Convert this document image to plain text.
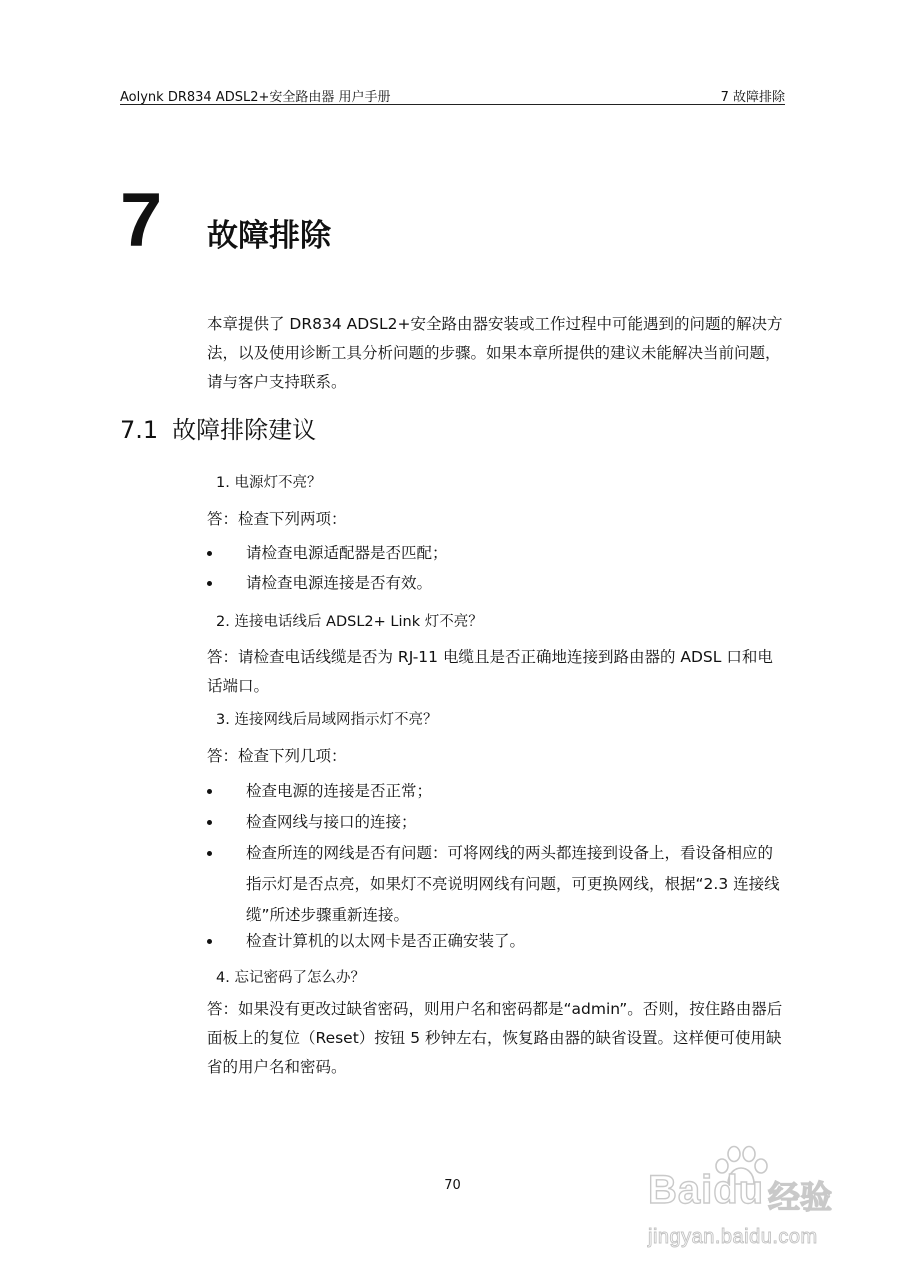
Aolynk DR834 ADSL2+安全路由器 用户手册	7 故障排除
7 故障排除

本章提供了 DR834 ADSL2+安全路由器安装或工作过程中可能遇到的问题的解决方法，以及使用诊断工具分析问题的步骤。如果本章所提供的建议未能解决当前问题，请与客户支持联系。

7.1 故障排除建议
1. 电源灯不亮？

答：检查下列两项：

请检查电源适配器是否匹配；
请检查电源连接是否有效。
2. 连接电话线后 ADSL2+ Link 灯不亮？

答：请检查电话线缆是否为 RJ-11 电缆且是否正确地连接到路由器的 ADSL 口和电话端口。

3. 连接网线后局域网指示灯不亮？

答：检查下列几项：

检查电源的连接是否正常；
检查网线与接口的连接；
检查所连的网线是否有问题：可将网线的两头都连接到设备上，看设备相应的指示灯是否点亮，如果灯不亮说明网线有问题，可更换网线，根据“2.3 连接线缆”所述步骤重新连接。
检查计算机的以太网卡是否正确安装了。
4. 忘记密码了怎么办？

答：如果没有更改过缺省密码，则用户名和密码都是“admin”。否则，按住路由器后面板上的复位（Reset）按钮 5 秒钟左右，恢复路由器的缺省设置。这样便可使用缺省的用户名和密码。

70	Baidu 经验
jingyan.baidu.com
